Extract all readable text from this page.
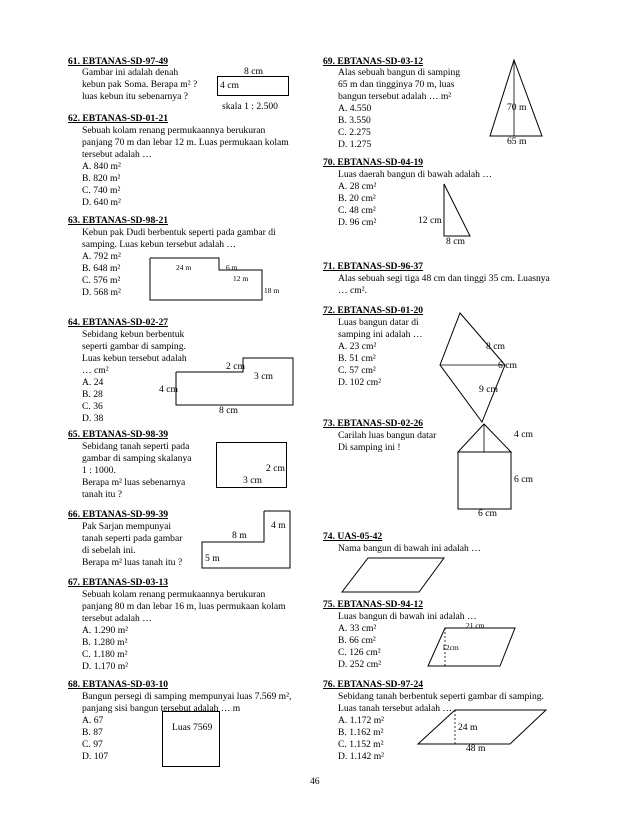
61. EBTANAS-SD-97-49
Gambar ini adalah denah
kebun pak Soma. Berapa m² ?
luas kebun itu sebenarnya ?
8 cm
4 cm
skala 1 : 2.500
62. EBTANAS-SD-01-21
Sebuah kolam renang permukaannya berukuran
panjang 70 m dan lebar 12 m. Luas permukaan kolam
tersebut adalah …
A. 840 m²
B. 820 m²
C. 740 m²
D. 640 m²
63. EBTANAS-SD-98-21
Kebun pak Dudi berbentuk seperti pada gambar di
samping. Luas kebun tersebut adalah …
A. 792 m²
B. 648 m²
C. 576 m²
D. 568 m²
24 m	6 m
12 m
18 m
64. EBTANAS-SD-02-27
Sebidang kebun berbentuk
seperti gambar di samping.
Luas kebun tersebut adalah
… cm²
A. 24
B. 28
C. 36
D. 38
2 cm
3 cm
4 cm
8 cm
65. EBTANAS-SD-98-39
Sebidang tanah seperti pada
gambar di samping skalanya
1 : 1000.
Berapa m² luas sebenarnya
tanah itu ?
2 cm
3 cm
66. EBTANAS-SD-99-39
Pak Sarjan mempunyai
tanah seperti pada gambar
di sebelah ini.
Berapa m² luas tanah itu ?
4 m
8 m
5 m
67. EBTANAS-SD-03-13
Sebuah kolam renang permukaannya berukuran
panjang 80 m dan lebar 16 m, luas permukaan kolam
tersebut adalah …
A. 1.290 m²
B. 1.280 m²
C. 1.180 m²
D. 1.170 m²
68. EBTANAS-SD-03-10
Bangun persegi di samping mempunyai luas 7.569 m²,
panjang sisi bangun tersebut adalah … m
A. 67
B. 87
C. 97
D. 107
Luas 7569
69. EBTANAS-SD-03-12
Alas sebuah bangun di samping
65 m dan tingginya 70 m, luas
bangun tersebut adalah … m²
A. 4.550
B. 3.550
C. 2.275
D. 1.275
70 m
65 m
70. EBTANAS-SD-04-19
Luas daerah bangun di bawah adalah …
A. 28 cm²
B. 20 cm²
C. 48 cm²
D. 96 cm²	12 cm
8 cm
71. EBTANAS-SD-96-37
Alas sebuah segi tiga 48 cm dan tinggi 35 cm. Luasnya
… cm².
72. EBTANAS-SD-01-20
Luas bangun datar di
samping ini adalah …
A. 23 cm²
B. 51 cm²
C. 57 cm²
D. 102 cm²
8 cm
6 cm
9 cm
73. EBTANAS-SD-02-26
Carilah luas bangun datar
Di samping ini !
4 cm
6 cm
6 cm
74. UAS-05-42
Nama bangun di bawah ini adalah …
75. EBTANAS-SD-94-12
Luas bangun di bawah ini adalah …
A. 33 cm²
B. 66 cm²
C. 126 cm²
D. 252 cm²
21 cm
12cm
76. EBTANAS-SD-97-24
Sebidang tanah berbentuk seperti gambar di samping.
Luas tanah tersebut adalah …
A. 1.172 m²
B. 1.162 m²
C. 1.152 m²
D. 1.142 m²
24 m
48 m
46
